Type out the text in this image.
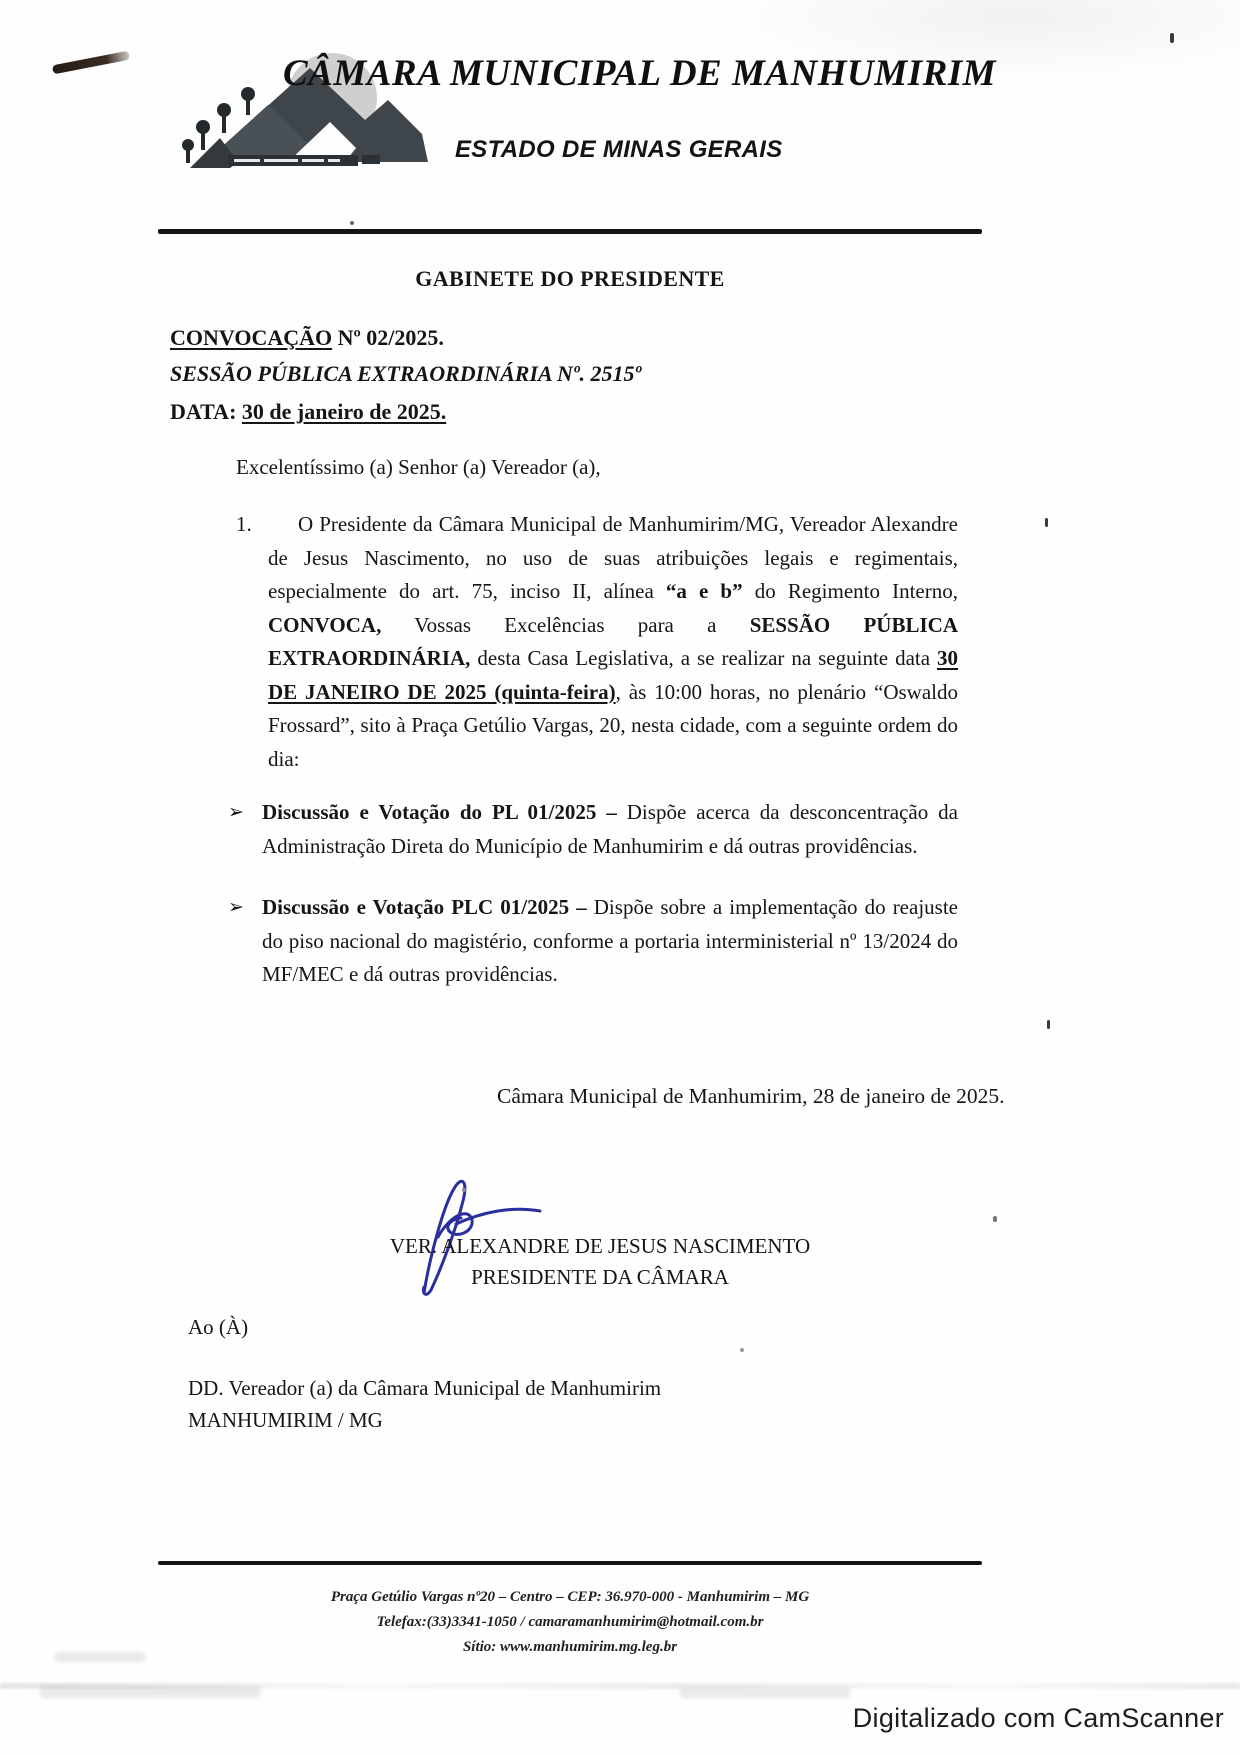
CÂMARA MUNICIPAL DE MANHUMIRIM
ESTADO DE MINAS GERAIS
GABINETE DO PRESIDENTE
CONVOCAÇÃO Nº 02/2025.
SESSÃO PÚBLICA EXTRAORDINÁRIA Nº. 2515º
DATA: 30 de janeiro de 2025.
Excelentíssimo (a) Senhor (a) Vereador (a),
1.	O Presidente da Câmara Municipal de Manhumirim/MG, Vereador Alexandre de Jesus Nascimento, no uso de suas atribuições legais e regimentais, especialmente do art. 75, inciso II, alínea “a e b” do Regimento Interno, CONVOCA, Vossas Excelências para a SESSÃO PÚBLICA EXTRAORDINÁRIA, desta Casa Legislativa, a se realizar na seguinte data 30 DE JANEIRO DE 2025 (quinta-feira), às 10:00 horas, no plenário “Oswaldo Frossard”, sito à Praça Getúlio Vargas, 20, nesta cidade, com a seguinte ordem do dia:
➢ Discussão e Votação do PL 01/2025 – Dispõe acerca da desconcentração da Administração Direta do Município de Manhumirim e dá outras providências.
➢ Discussão e Votação PLC 01/2025 – Dispõe sobre a implementação do reajuste do piso nacional do magistério, conforme a portaria interministerial nº 13/2024 do MF/MEC e dá outras providências.
Câmara Municipal de Manhumirim, 28 de janeiro de 2025.
VER. ALEXANDRE DE JESUS NASCIMENTO
PRESIDENTE DA CÂMARA
Ao (À)
DD. Vereador (a) da Câmara Municipal de Manhumirim
MANHUMIRIM / MG
Praça Getúlio Vargas nº20 – Centro – CEP: 36.970-000 - Manhumirim – MG
Telefax:(33)3341-1050 / camaramanhumirim@hotmail.com.br
Sítio: www.manhumirim.mg.leg.br
Digitalizado com CamScanner
